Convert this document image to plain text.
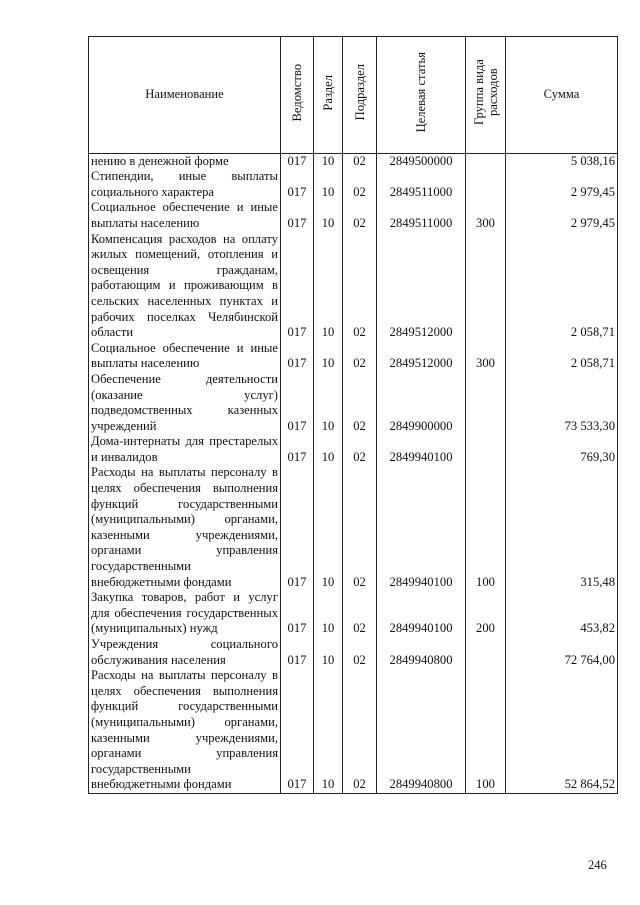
Наименование	Ведомство	Раздел	Подраздел	Целевая статья	Группа вида расходов	Сумма
нению в денежной форме	017	10	02	2849500000		5 038,16
Стипендии, иные выплаты социального характера	017	10	02	2849511000		2 979,45
Социальное обеспечение и иные выплаты населению	017	10	02	2849511000	300	2 979,45
Компенсация расходов на оплату жилых помещений, отопления и освещения гражданам, работающим и проживающим в сельских населенных пунктах и рабочих поселках Челябинской области	017	10	02	2849512000		2 058,71
Социальное обеспечение и иные выплаты населению	017	10	02	2849512000	300	2 058,71
Обеспечение деятельности (оказание услуг) подведомственных казенных учреждений	017	10	02	2849900000		73 533,30
Дома-интернаты для престарелых и инвалидов	017	10	02	2849940100		769,30
Расходы на выплаты персоналу в целях обеспечения выполнения функций государственными (муниципальными) органами, казенными учреждениями, органами управления государственными внебюджетными фондами	017	10	02	2849940100	100	315,48
Закупка товаров, работ и услуг для обеспечения государственных (муниципальных) нужд	017	10	02	2849940100	200	453,82
Учреждения социального обслуживания населения	017	10	02	2849940800		72 764,00
Расходы на выплаты персоналу в целях обеспечения выполнения функций государственными (муниципальными) органами, казенными учреждениями, органами управления государственными внебюджетными фондами	017	10	02	2849940800	100	52 864,52
246
